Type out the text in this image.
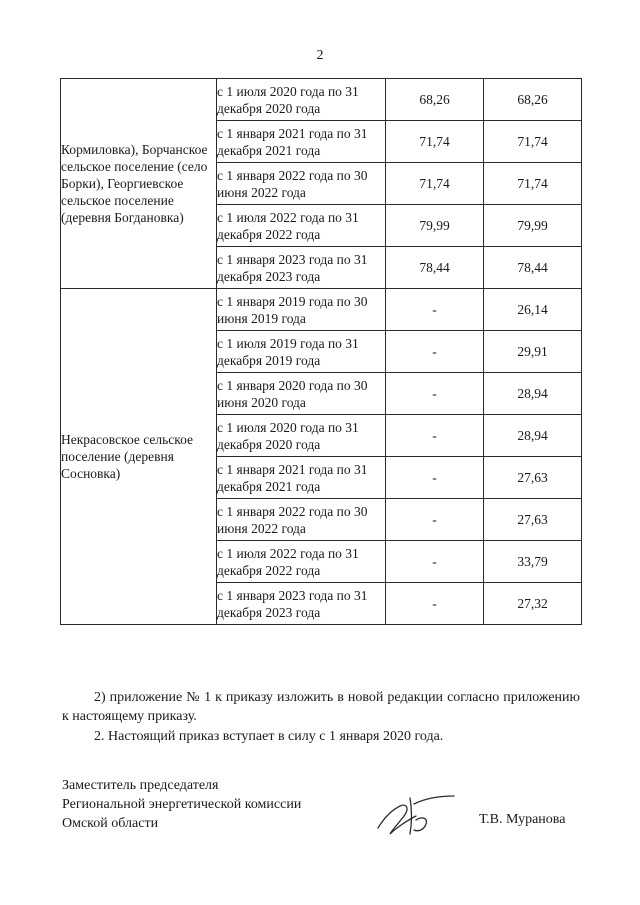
2
Кормиловка), Борчанское сельское поселение (село Борки), Георгиевское сельское поселение (деревня Богдановка)	с 1 июля 2020 года по 31 декабря 2020 года	68,26	68,26
	с 1 января 2021 года по 31 декабря 2021 года	71,74	71,74
	с 1 января 2022 года по 30 июня 2022 года	71,74	71,74
	с 1 июля 2022 года по 31 декабря 2022 года	79,99	79,99
	с 1 января 2023 года по 31 декабря 2023 года	78,44	78,44
Некрасовское сельское поселение (деревня Сосновка)	с 1 января 2019 года по 30 июня 2019 года	-	26,14
	с 1 июля 2019 года по 31 декабря 2019 года	-	29,91
	с 1 января 2020 года по 30 июня 2020 года	-	28,94
	с 1 июля 2020 года по 31 декабря 2020 года	-	28,94
	с 1 января 2021 года по 31 декабря 2021 года	-	27,63
	с 1 января 2022 года по 30 июня 2022 года	-	27,63
	с 1 июля 2022 года по 31 декабря 2022 года	-	33,79
	с 1 января 2023 года по 31 декабря 2023 года	-	27,32
2) приложение № 1 к приказу изложить в новой редакции согласно приложению к настоящему приказу.
2. Настоящий приказ вступает в силу с 1 января 2020 года.
Заместитель председателя
Региональной энергетической комиссии
Омской области	Т.В. Муранова
